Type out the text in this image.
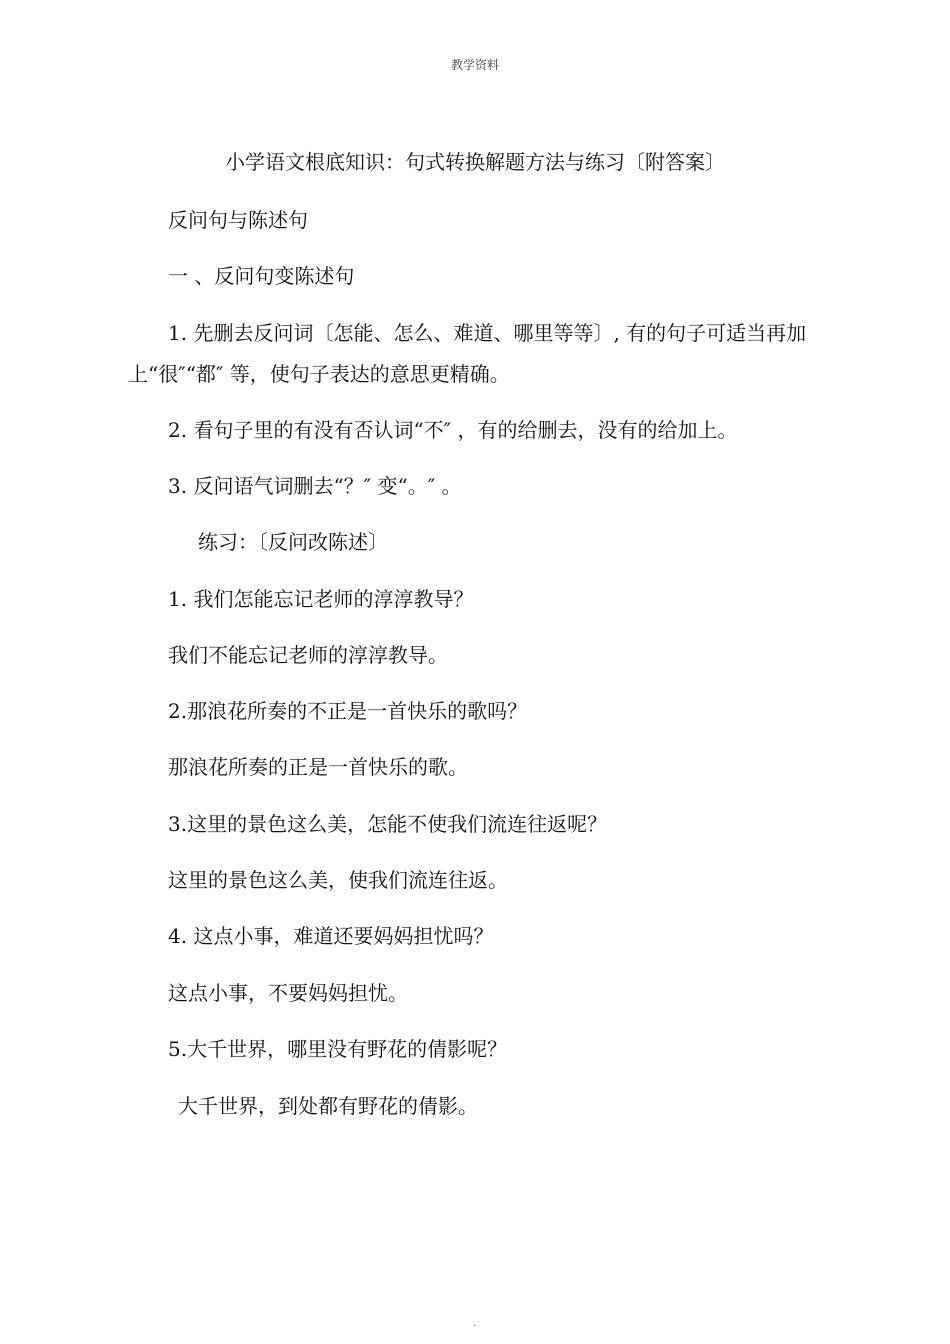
教学资料
小学语文根底知识：句式转换解题方法与练习〔附答案〕
反问句与陈述句
一 、反问句变陈述句
1. 先删去反问词〔怎能、怎么、难道、哪里等等〕, 有的句子可适当再加
上“很″“都″ 等，使句子表达的意思更精确。
2. 看句子里的有没有否认词“不″ ，有的给删去，没有的给加上。
3. 反问语气词删去“？″ 变“。″ 。
练习：〔反问改陈述〕
1. 我们怎能忘记老师的淳淳教导？
我们不能忘记老师的淳淳教导。
2.那浪花所奏的不正是一首快乐的歌吗？
那浪花所奏的正是一首快乐的歌。
3.这里的景色这么美，怎能不使我们流连往返呢？
这里的景色这么美，使我们流连往返。
4. 这点小事，难道还要妈妈担忧吗？
这点小事，不要妈妈担忧。
5.大千世界，哪里没有野花的倩影呢？
大千世界，到处都有野花的倩影。
.
